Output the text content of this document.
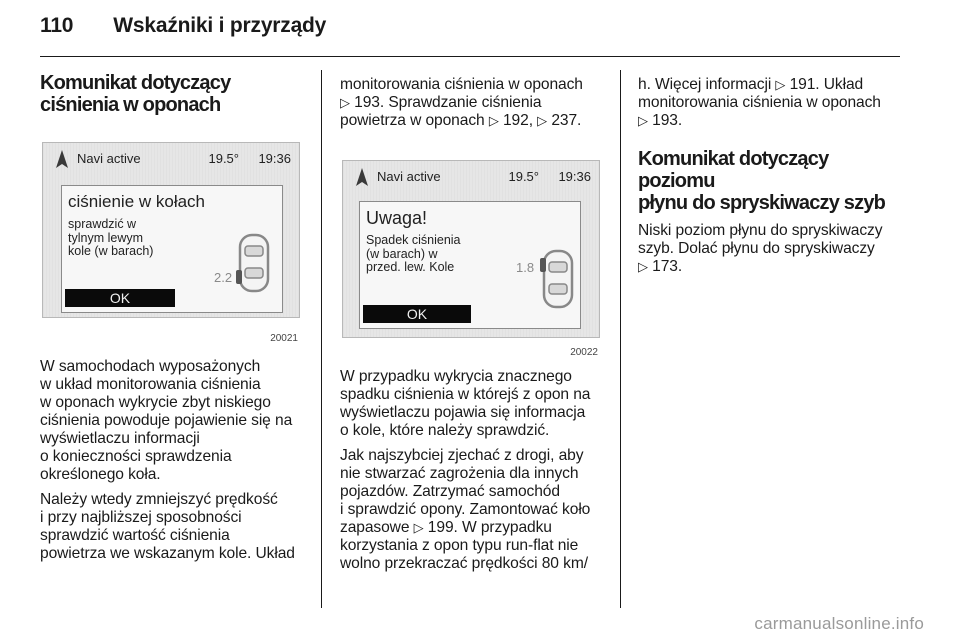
110 Wskaźniki i przyrządy
Komunikat dotyczący
ciśnienia w oponach
Navi active	19.5° 19:36
ciśnienie w kołach
sprawdzić w
tylnym lewym
kole (w barach)
2.2
OK
20021

W samochodach wyposażonych
w układ monitorowania ciśnienia
w oponach wykrycie zbyt niskiego
ciśnienia powoduje pojawienie się na
wyświetlaczu informacji
o konieczności sprawdzenia
określonego koła.

Należy wtedy zmniejszyć prędkość
i przy najbliższej sposobności
sprawdzić wartość ciśnienia
powietrza we wskazanym kole. Układ

monitorowania ciśnienia w oponach
▷ 193. Sprawdzanie ciśnienia
powietrza w oponach ▷ 192, ▷ 237.

Navi active	19.5° 19:36
Uwaga!
Spadek ciśnienia
(w barach) w
przed. lew. Kole	1.8
OK
20022

W przypadku wykrycia znacznego
spadku ciśnienia w którejś z opon na
wyświetlaczu pojawia się informacja
o kole, które należy sprawdzić.

Jak najszybciej zjechać z drogi, aby
nie stwarzać zagrożenia dla innych
pojazdów. Zatrzymać samochód
i sprawdzić opony. Zamontować koło
zapasowe ▷ 199. W przypadku
korzystania z opon typu run-flat nie
wolno przekraczać prędkości 80 km/

h. Więcej informacji ▷ 191. Układ
monitorowania ciśnienia w oponach
▷ 193.

Komunikat dotyczący poziomu
płynu do spryskiwaczy szyb

Niski poziom płynu do spryskiwaczy
szyb. Dolać płynu do spryskiwaczy
▷ 173.

carmanualsonline.info
